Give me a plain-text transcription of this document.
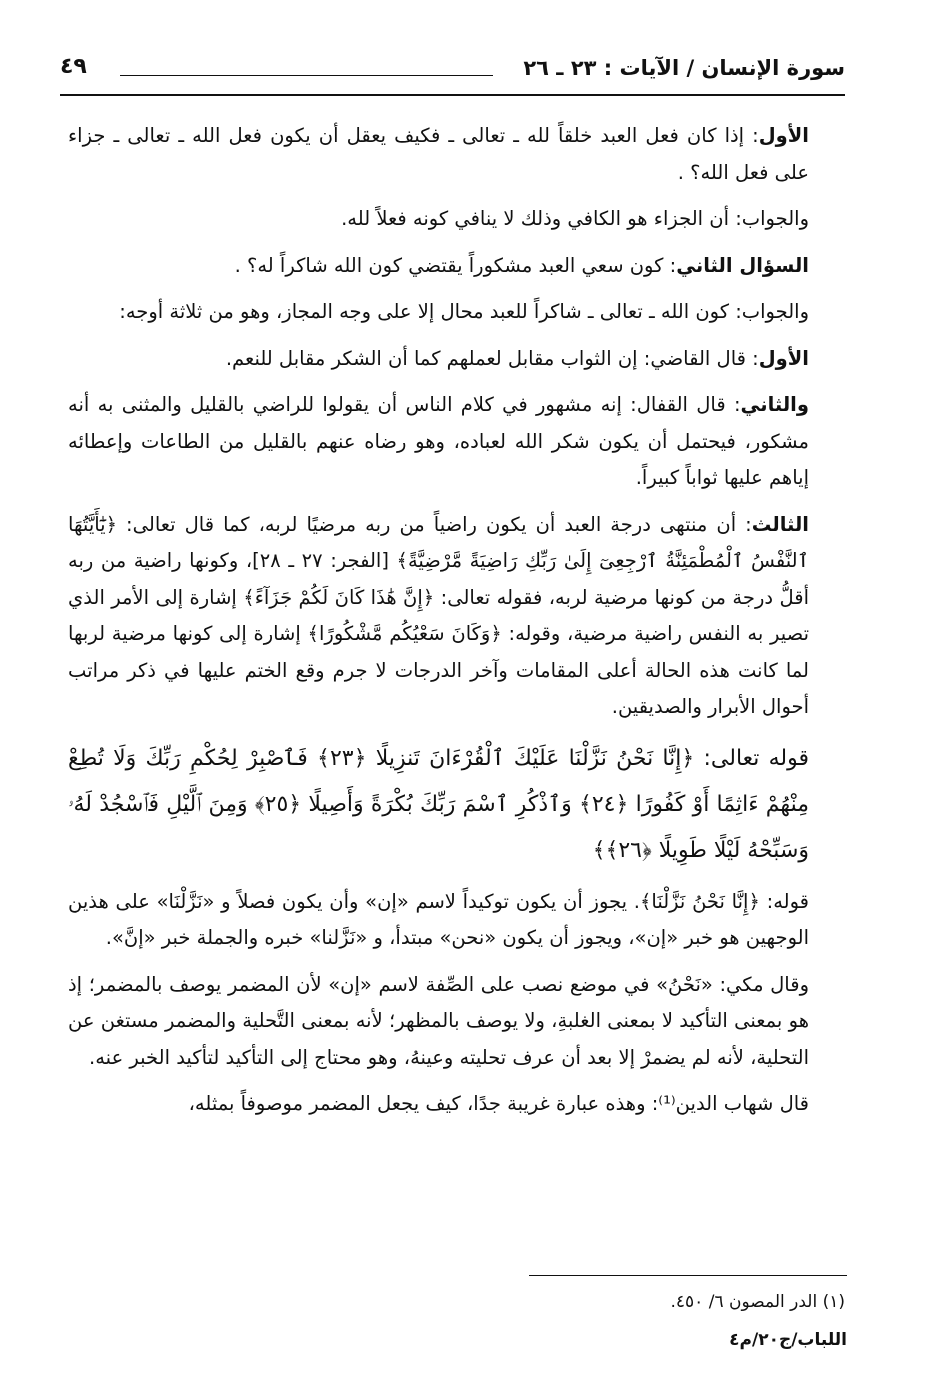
سورة الإنسان / الآيات : ٢٣ ـ ٢٦
٤٩

الأول: إذا كان فعل العبد خلقاً لله ـ تعالى ـ فكيف يعقل أن يكون فعل الله ـ تعالى ـ جزاء على فعل الله؟ .

والجواب: أن الجزاء هو الكافي وذلك لا ينافي كونه فعلاً لله.

السؤال الثاني: كون سعي العبد مشكوراً يقتضي كون الله شاكراً له؟ .

والجواب: كون الله ـ تعالى ـ شاكراً للعبد محال إلا على وجه المجاز، وهو من ثلاثة أوجه:

الأول: قال القاضي: إن الثواب مقابل لعملهم كما أن الشكر مقابل للنعم.

والثاني: قال القفال: إنه مشهور في كلام الناس أن يقولوا للراضي بالقليل والمثنى به أنه مشكور، فيحتمل أن يكون شكر الله لعباده، وهو رضاه عنهم بالقليل من الطاعات وإعطائه إياهم عليها ثواباً كبيراً.

الثالث: أن منتهى درجة العبد أن يكون راضياً من ربه مرضيًا لربه، كما قال تعالى: ﴿يَٰٓأَيَّتُهَا ٱلنَّفْسُ ٱلْمُطْمَئِنَّةُ ٱرْجِعِىٓ إِلَىٰ رَبِّكِ رَاضِيَةً مَّرْضِيَّةً﴾ [الفجر: ٢٧ ـ ٢٨]، وكونها راضية من ربه أقلُّ درجة من كونها مرضية لربه، فقوله تعالى: ﴿إِنَّ هَٰذَا كَانَ لَكُمْ جَزَآءً﴾ إشارة إلى الأمر الذي تصير به النفس راضية مرضية، وقوله: ﴿وَكَانَ سَعْيُكُم مَّشْكُورًا﴾ إشارة إلى كونها مرضية لربها لما كانت هذه الحالة أعلى المقامات وآخر الدرجات لا جرم وقع الختم عليها في ذكر مراتب أحوال الأبرار والصديقين.

قوله تعالى: ﴿إِنَّا نَحْنُ نَزَّلْنَا عَلَيْكَ ٱلْقُرْءَانَ تَنزِيلًا ﴿٢٣﴾ فَٱصْبِرْ لِحُكْمِ رَبِّكَ وَلَا تُطِعْ مِنْهُمْ ءَاثِمًا أَوْ كَفُورًا ﴿٢٤﴾ وَٱذْكُرِ ٱسْمَ رَبِّكَ بُكْرَةً وَأَصِيلًا ﴿٢٥﴾ وَمِنَ ٱلَّيْلِ فَٱسْجُدْ لَهُۥ وَسَبِّحْهُ لَيْلًا طَوِيلًا ﴿٢٦﴾﴾

قوله: ﴿إِنَّا نَحْنُ نَزَّلْنَا﴾. يجوز أن يكون توكيداً لاسم «إن» وأن يكون فصلاً و «نَزَّلْنَا» على هذين الوجهين هو خبر «إن»، ويجوز أن يكون «نحن» مبتدأ، و «نَزَّلنا» خبره والجملة خبر «إنَّ».

وقال مكي: «نَحْنُ» في موضع نصب على الصِّفة لاسم «إن» لأن المضمر يوصف بالمضمر؛ إذ هو بمعنى التأكيد لا بمعنى الغلبةِ، ولا يوصف بالمظهر؛ لأنه بمعنى التَّحلية والمضمر مستغن عن التحلية، لأنه لم يضمرْ إلا بعد أن عرف تحليته وعينهُ، وهو محتاج إلى التأكيد لتأكيد الخبر عنه.

قال شهاب الدين⁽¹⁾: وهذه عبارة غريبة جدًا، كيف يجعل المضمر موصوفاً بمثله،

(١) الدر المصون ٦/ ٤٥٠.
اللباب/ج٢٠/م٤
